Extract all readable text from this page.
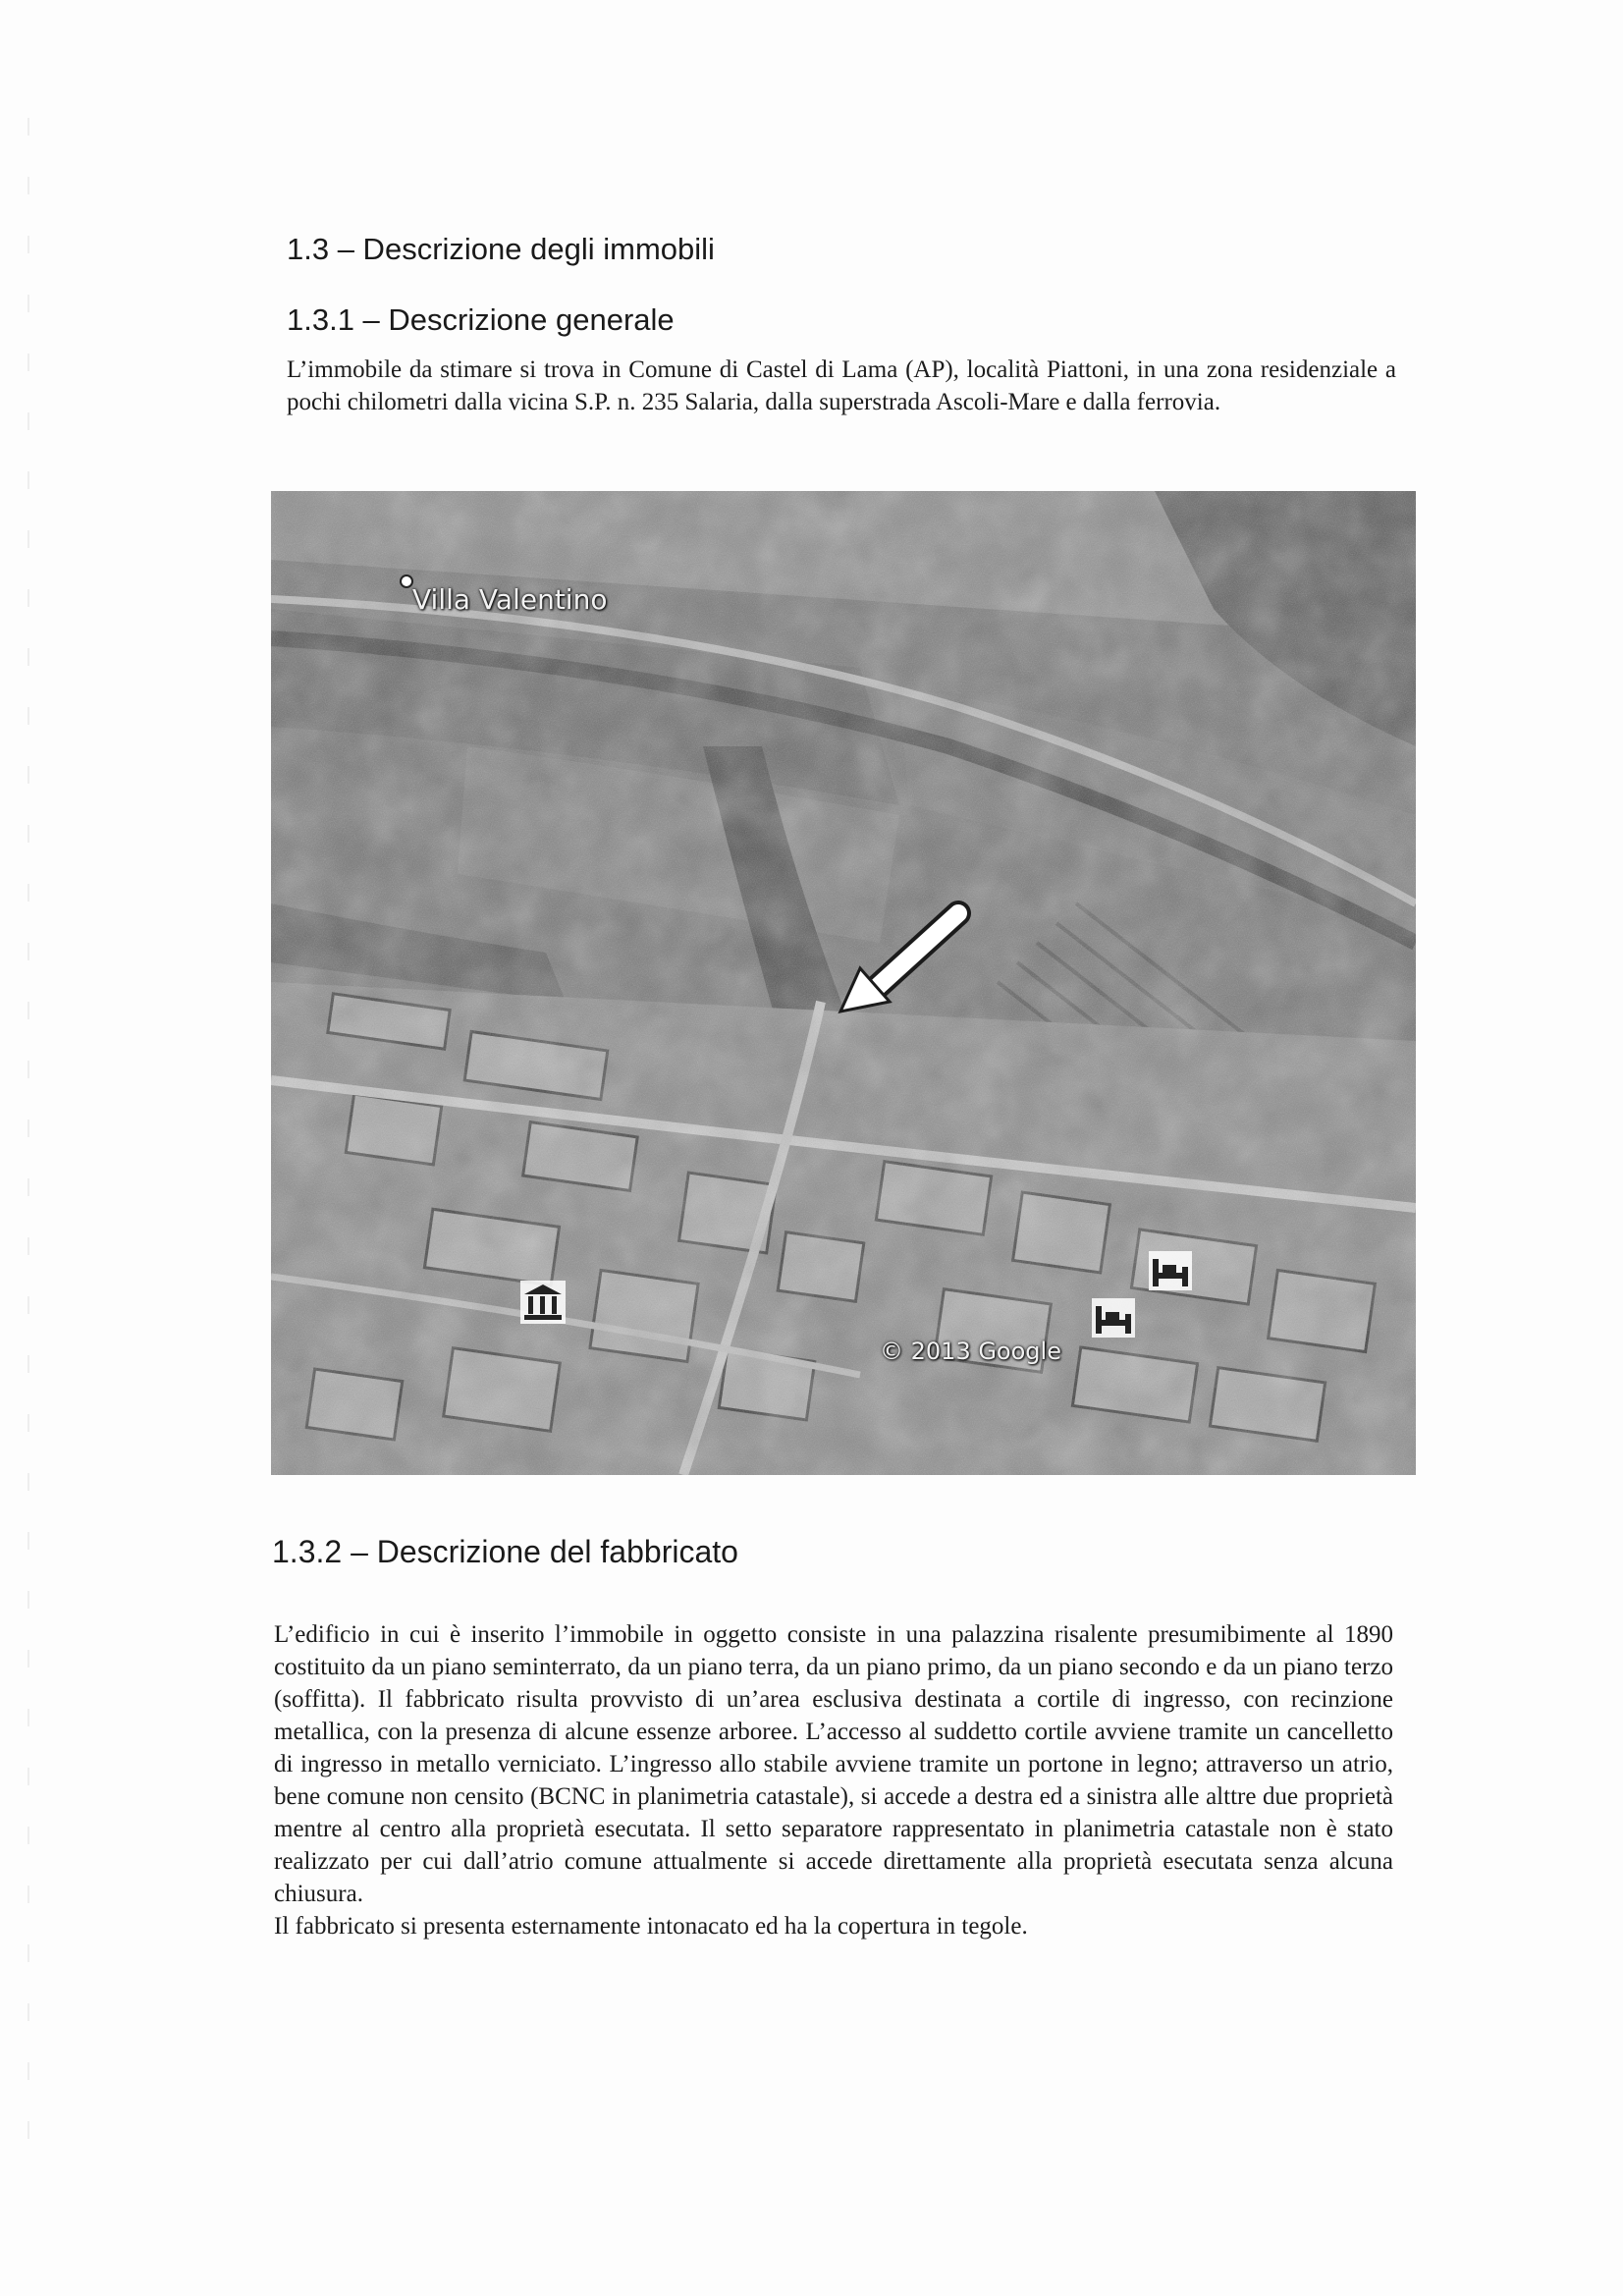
1.3 – Descrizione degli immobili
1.3.1 – Descrizione generale
L’immobile da stimare si trova in Comune di Castel di Lama (AP), località Piattoni, in una zona residenziale a pochi chilometri dalla vicina S.P. n. 235 Salaria, dalla superstrada Ascoli-Mare e dalla ferrovia.
Villa Valentino
© 2013 Google
1.3.2 – Descrizione del fabbricato
L’edificio in cui è inserito l’immobile in oggetto consiste in una palazzina risalente presumibimente al 1890 costituito da un piano seminterrato, da un piano terra, da un piano primo, da un piano secondo e da un piano terzo (soffitta). Il fabbricato risulta provvisto di un’area esclusiva destinata a cortile di ingresso, con recinzione metallica, con la presenza di alcune essenze arboree. L’accesso al suddetto cortile avviene tramite un cancelletto di ingresso in metallo verniciato. L’ingresso allo stabile avviene tramite un portone in legno; attraverso un atrio, bene comune non censito (BCNC in planimetria catastale), si accede a destra ed a sinistra alle alttre due proprietà mentre al centro alla proprietà esecutata. Il setto separatore rappresentato in planimetria catastale non è stato realizzato per cui dall’atrio comune attualmente si accede direttamente alla proprietà esecutata senza alcuna chiusura.
Il fabbricato si presenta esternamente intonacato ed ha la copertura in tegole.
